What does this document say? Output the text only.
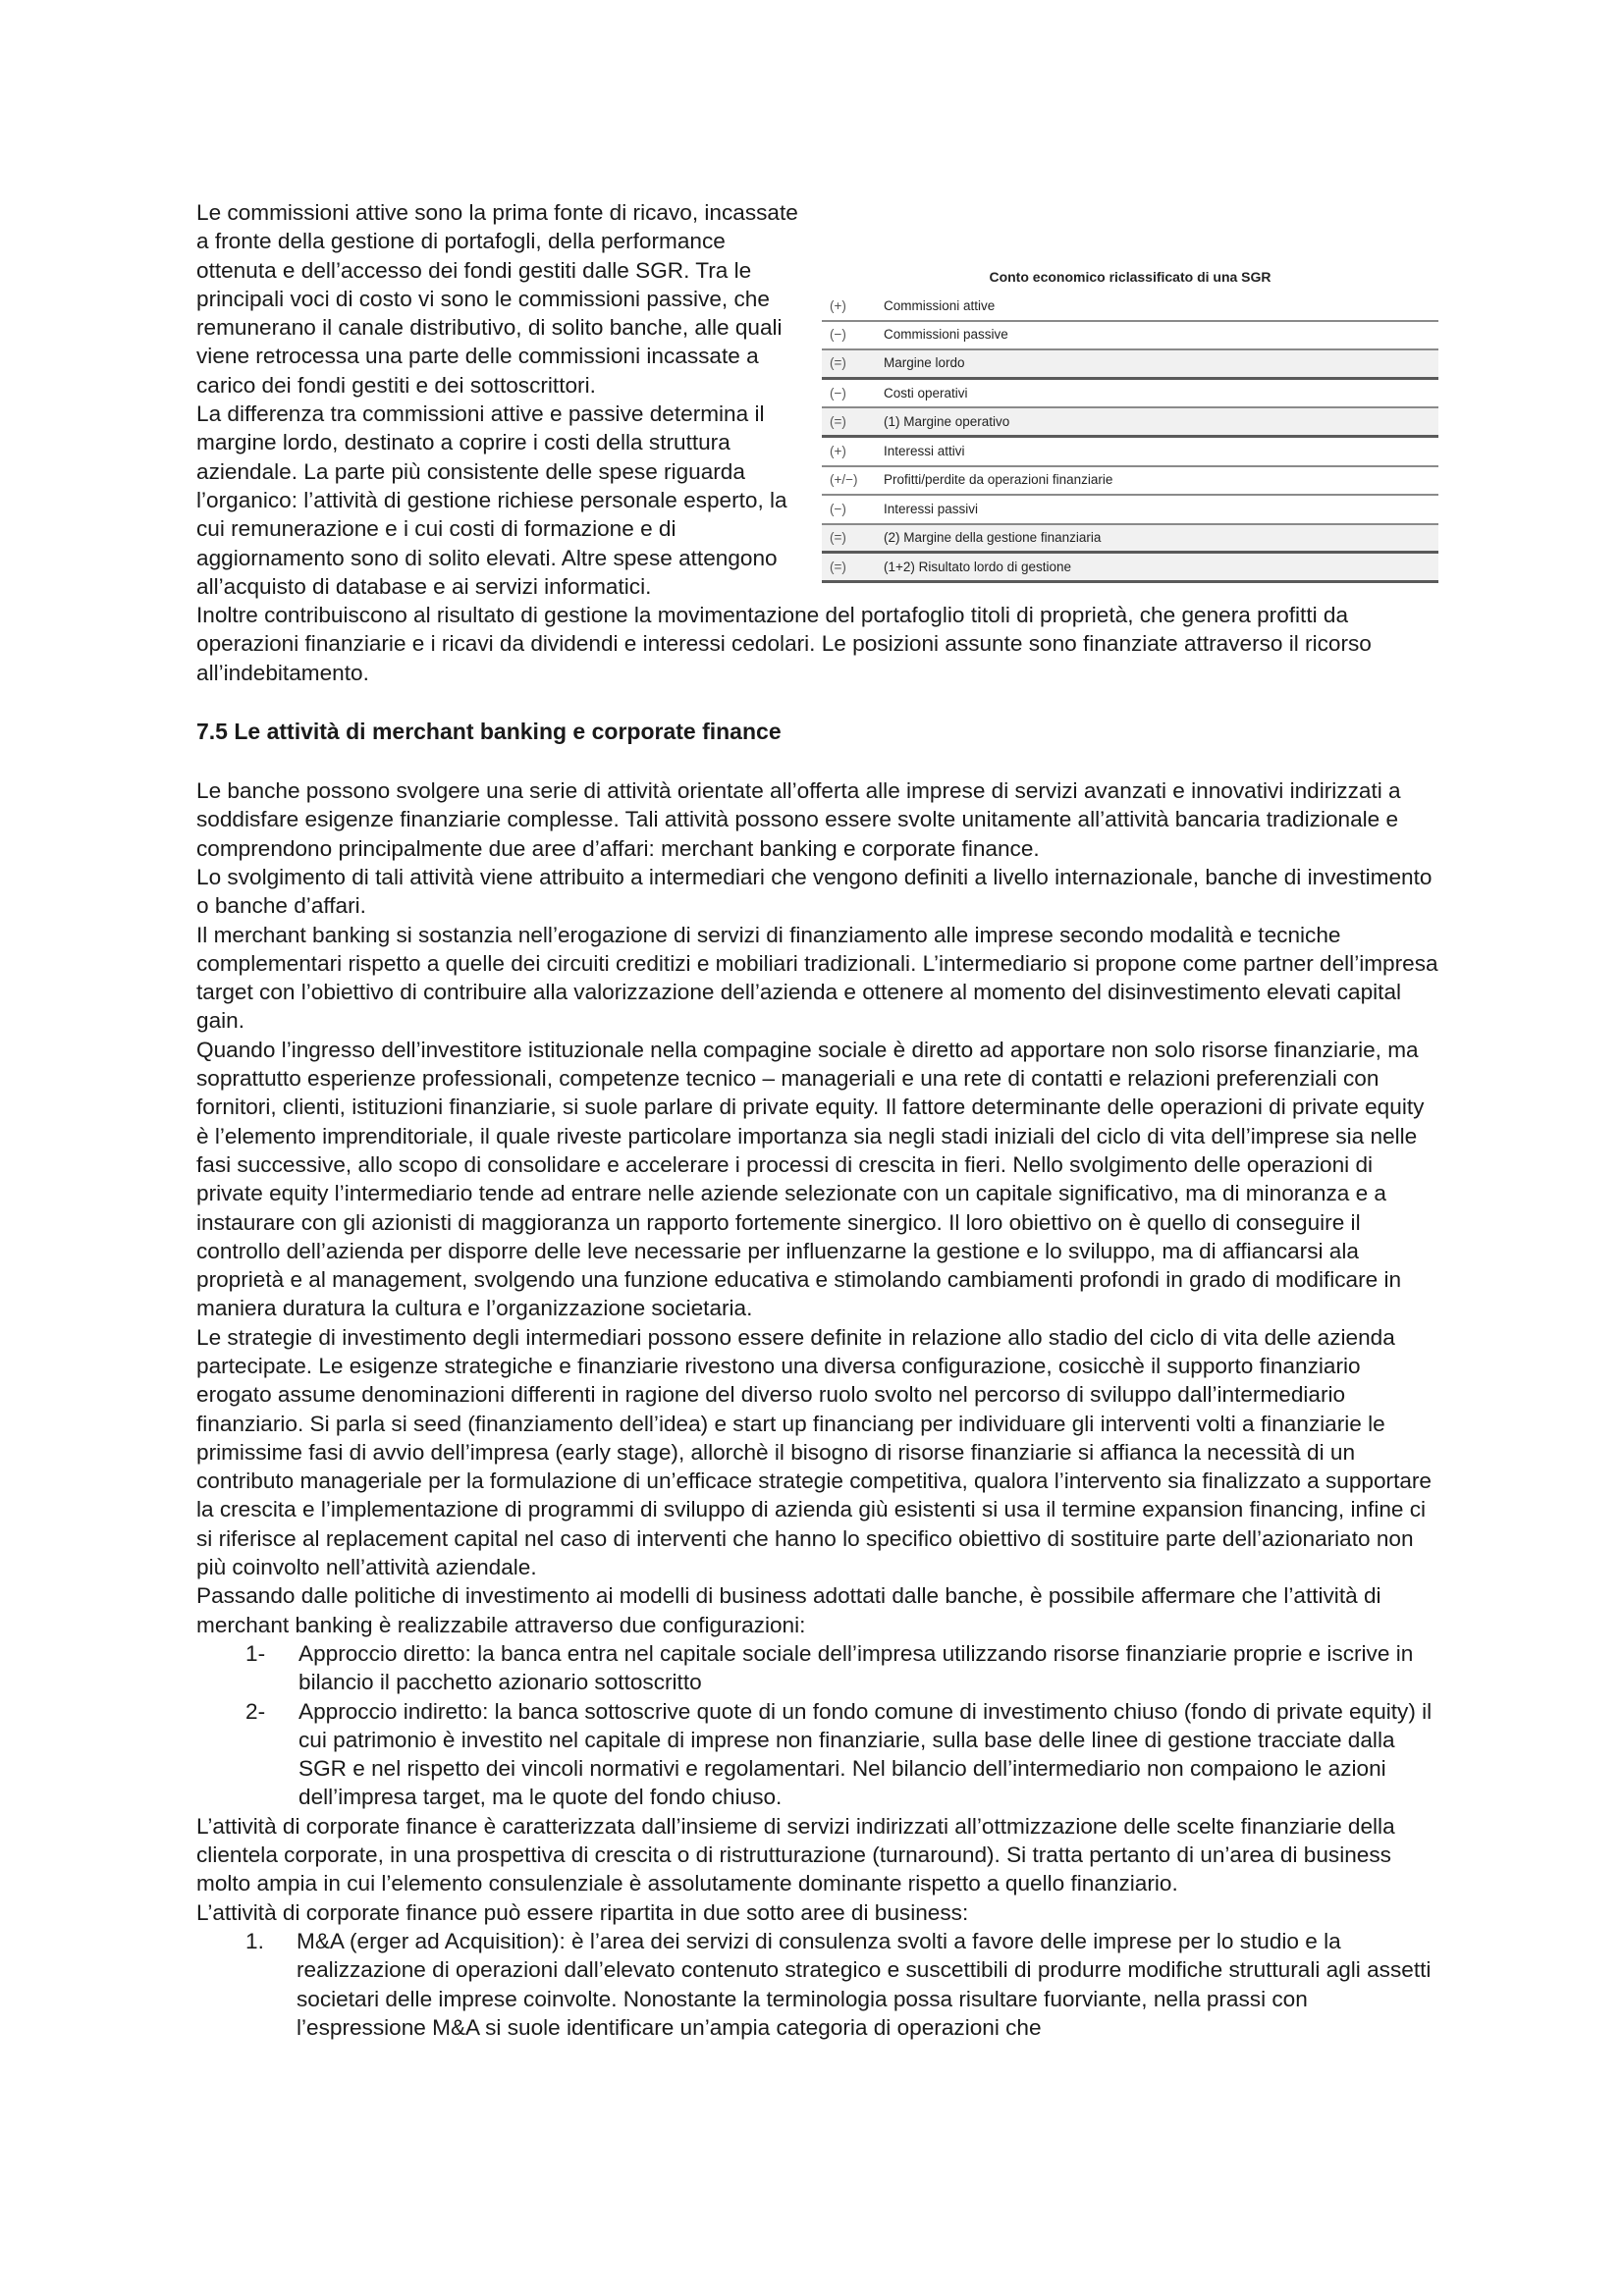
Conto economico riclassificato di una SGR
(+)	Commissioni attive
(−)	Commissioni passive
(=)	Margine lordo
(−)	Costi operativi
(=)	(1) Margine operativo
(+)	Interessi attivi
(+/−)	Profitti/perdite da operazioni finanziarie
(−)	Interessi passivi
(=)	(2) Margine della gestione finanziaria
(=)	(1+2) Risultato lordo di gestione

Le commissioni attive sono la prima fonte di ricavo, incassate a fronte della gestione di portafogli, della performance ottenuta e dell’accesso dei fondi gestiti dalle SGR. Tra le principali voci di costo vi sono le commissioni passive, che remunerano il canale distributivo, di solito banche, alle quali viene retrocessa una parte delle commissioni incassate a carico dei fondi gestiti e dei sottoscrittori.

La differenza tra commissioni attive e passive determina il margine lordo, destinato a coprire i costi della struttura aziendale. La parte più consistente delle spese riguarda l’organico: l’attività di gestione richiese personale esperto, la cui remunerazione e i cui costi di formazione e di aggiornamento sono di solito elevati. Altre spese attengono all’acquisto di database e ai servizi informatici.

Inoltre contribuiscono al risultato di gestione la movimentazione del portafoglio titoli di proprietà, che genera profitti da operazioni finanziarie e i ricavi da dividendi e interessi cedolari. Le posizioni assunte sono finanziate attraverso il ricorso all’indebitamento.

7.5 Le attività di merchant banking e corporate finance

Le banche possono svolgere una serie di attività orientate all’offerta alle imprese di servizi avanzati e innovativi indirizzati a soddisfare esigenze finanziarie complesse. Tali attività possono essere svolte unitamente all’attività bancaria tradizionale e comprendono principalmente due aree d’affari: merchant banking e corporate finance.

Lo svolgimento di tali attività viene attribuito a intermediari che vengono definiti a livello internazionale, banche di investimento o banche d’affari.

Il merchant banking si sostanzia nell’erogazione di servizi di finanziamento alle imprese secondo modalità e tecniche complementari rispetto a quelle dei circuiti creditizi e mobiliari tradizionali. L’intermediario si propone come partner dell’impresa target con l’obiettivo di contribuire alla valorizzazione dell’azienda e ottenere al momento del disinvestimento elevati capital gain.

Quando l’ingresso dell’investitore istituzionale nella compagine sociale è diretto ad apportare non solo risorse finanziarie, ma soprattutto esperienze professionali, competenze tecnico – manageriali e una rete di contatti e relazioni preferenziali con fornitori, clienti, istituzioni finanziarie, si suole parlare di private equity. Il fattore determinante delle operazioni di private equity è l’elemento imprenditoriale, il quale riveste particolare importanza sia negli stadi iniziali del ciclo di vita dell’imprese sia nelle fasi successive, allo scopo di consolidare e accelerare i processi di crescita in fieri. Nello svolgimento delle operazioni di private equity l’intermediario tende ad entrare nelle aziende selezionate con un capitale significativo, ma di minoranza e a instaurare con gli azionisti di maggioranza un rapporto fortemente sinergico. Il loro obiettivo on è quello di conseguire il controllo dell’azienda per disporre delle leve necessarie per influenzarne la gestione e lo sviluppo, ma di affiancarsi ala proprietà e al management, svolgendo una funzione educativa e stimolando cambiamenti profondi in grado di modificare in maniera duratura la cultura e l’organizzazione societaria.

Le strategie di investimento degli intermediari possono essere definite in relazione allo stadio del ciclo di vita delle azienda partecipate. Le esigenze strategiche e finanziarie rivestono una diversa configurazione, cosicchè il supporto finanziario erogato assume denominazioni differenti in ragione del diverso ruolo svolto nel percorso di sviluppo dall’intermediario finanziario. Si parla si seed (finanziamento dell’idea) e start up financiang per individuare gli interventi volti a finanziarie le primissime fasi di avvio dell’impresa (early stage), allorchè il bisogno di risorse finanziarie si affianca la necessità di un contributo manageriale per la formulazione di un’efficace strategie competitiva, qualora l’intervento sia finalizzato a supportare la crescita e l’implementazione di programmi di sviluppo di azienda giù esistenti si usa il termine expansion financing, infine ci si riferisce al replacement capital nel caso di interventi che hanno lo specifico obiettivo di sostituire parte dell’azionariato non più coinvolto nell’attività aziendale.

Passando dalle politiche di investimento ai modelli di business adottati dalle banche, è possibile affermare che l’attività di merchant banking è realizzabile attraverso due configurazioni:

1-	Approccio diretto: la banca entra nel capitale sociale dell’impresa utilizzando risorse finanziarie proprie e iscrive in bilancio il pacchetto azionario sottoscritto
2-	Approccio indiretto: la banca sottoscrive quote di un fondo comune di investimento chiuso (fondo di private equity) il cui patrimonio è investito nel capitale di imprese non finanziarie, sulla base delle linee di gestione tracciate dalla SGR e nel rispetto dei vincoli normativi e regolamentari. Nel bilancio dell’intermediario non compaiono le azioni dell’impresa target, ma le quote del fondo chiuso.

L’attività di corporate finance è caratterizzata dall’insieme di servizi indirizzati all’ottmizzazione delle scelte finanziarie della clientela corporate, in una prospettiva di crescita o di ristrutturazione (turnaround). Si tratta pertanto di un’area di business molto ampia in cui l’elemento consulenziale è assolutamente dominante rispetto a quello finanziario.

L’attività di corporate finance può essere ripartita in due sotto aree di business:

1.	M&A (erger ad Acquisition): è l’area dei servizi di consulenza svolti a favore delle imprese per lo studio e la realizzazione di operazioni dall’elevato contenuto strategico e suscettibili di produrre modifiche strutturali agli assetti societari delle imprese coinvolte. Nonostante la terminologia possa risultare fuorviante, nella prassi con l’espressione M&A si suole identificare un’ampia categoria di operazioni che
